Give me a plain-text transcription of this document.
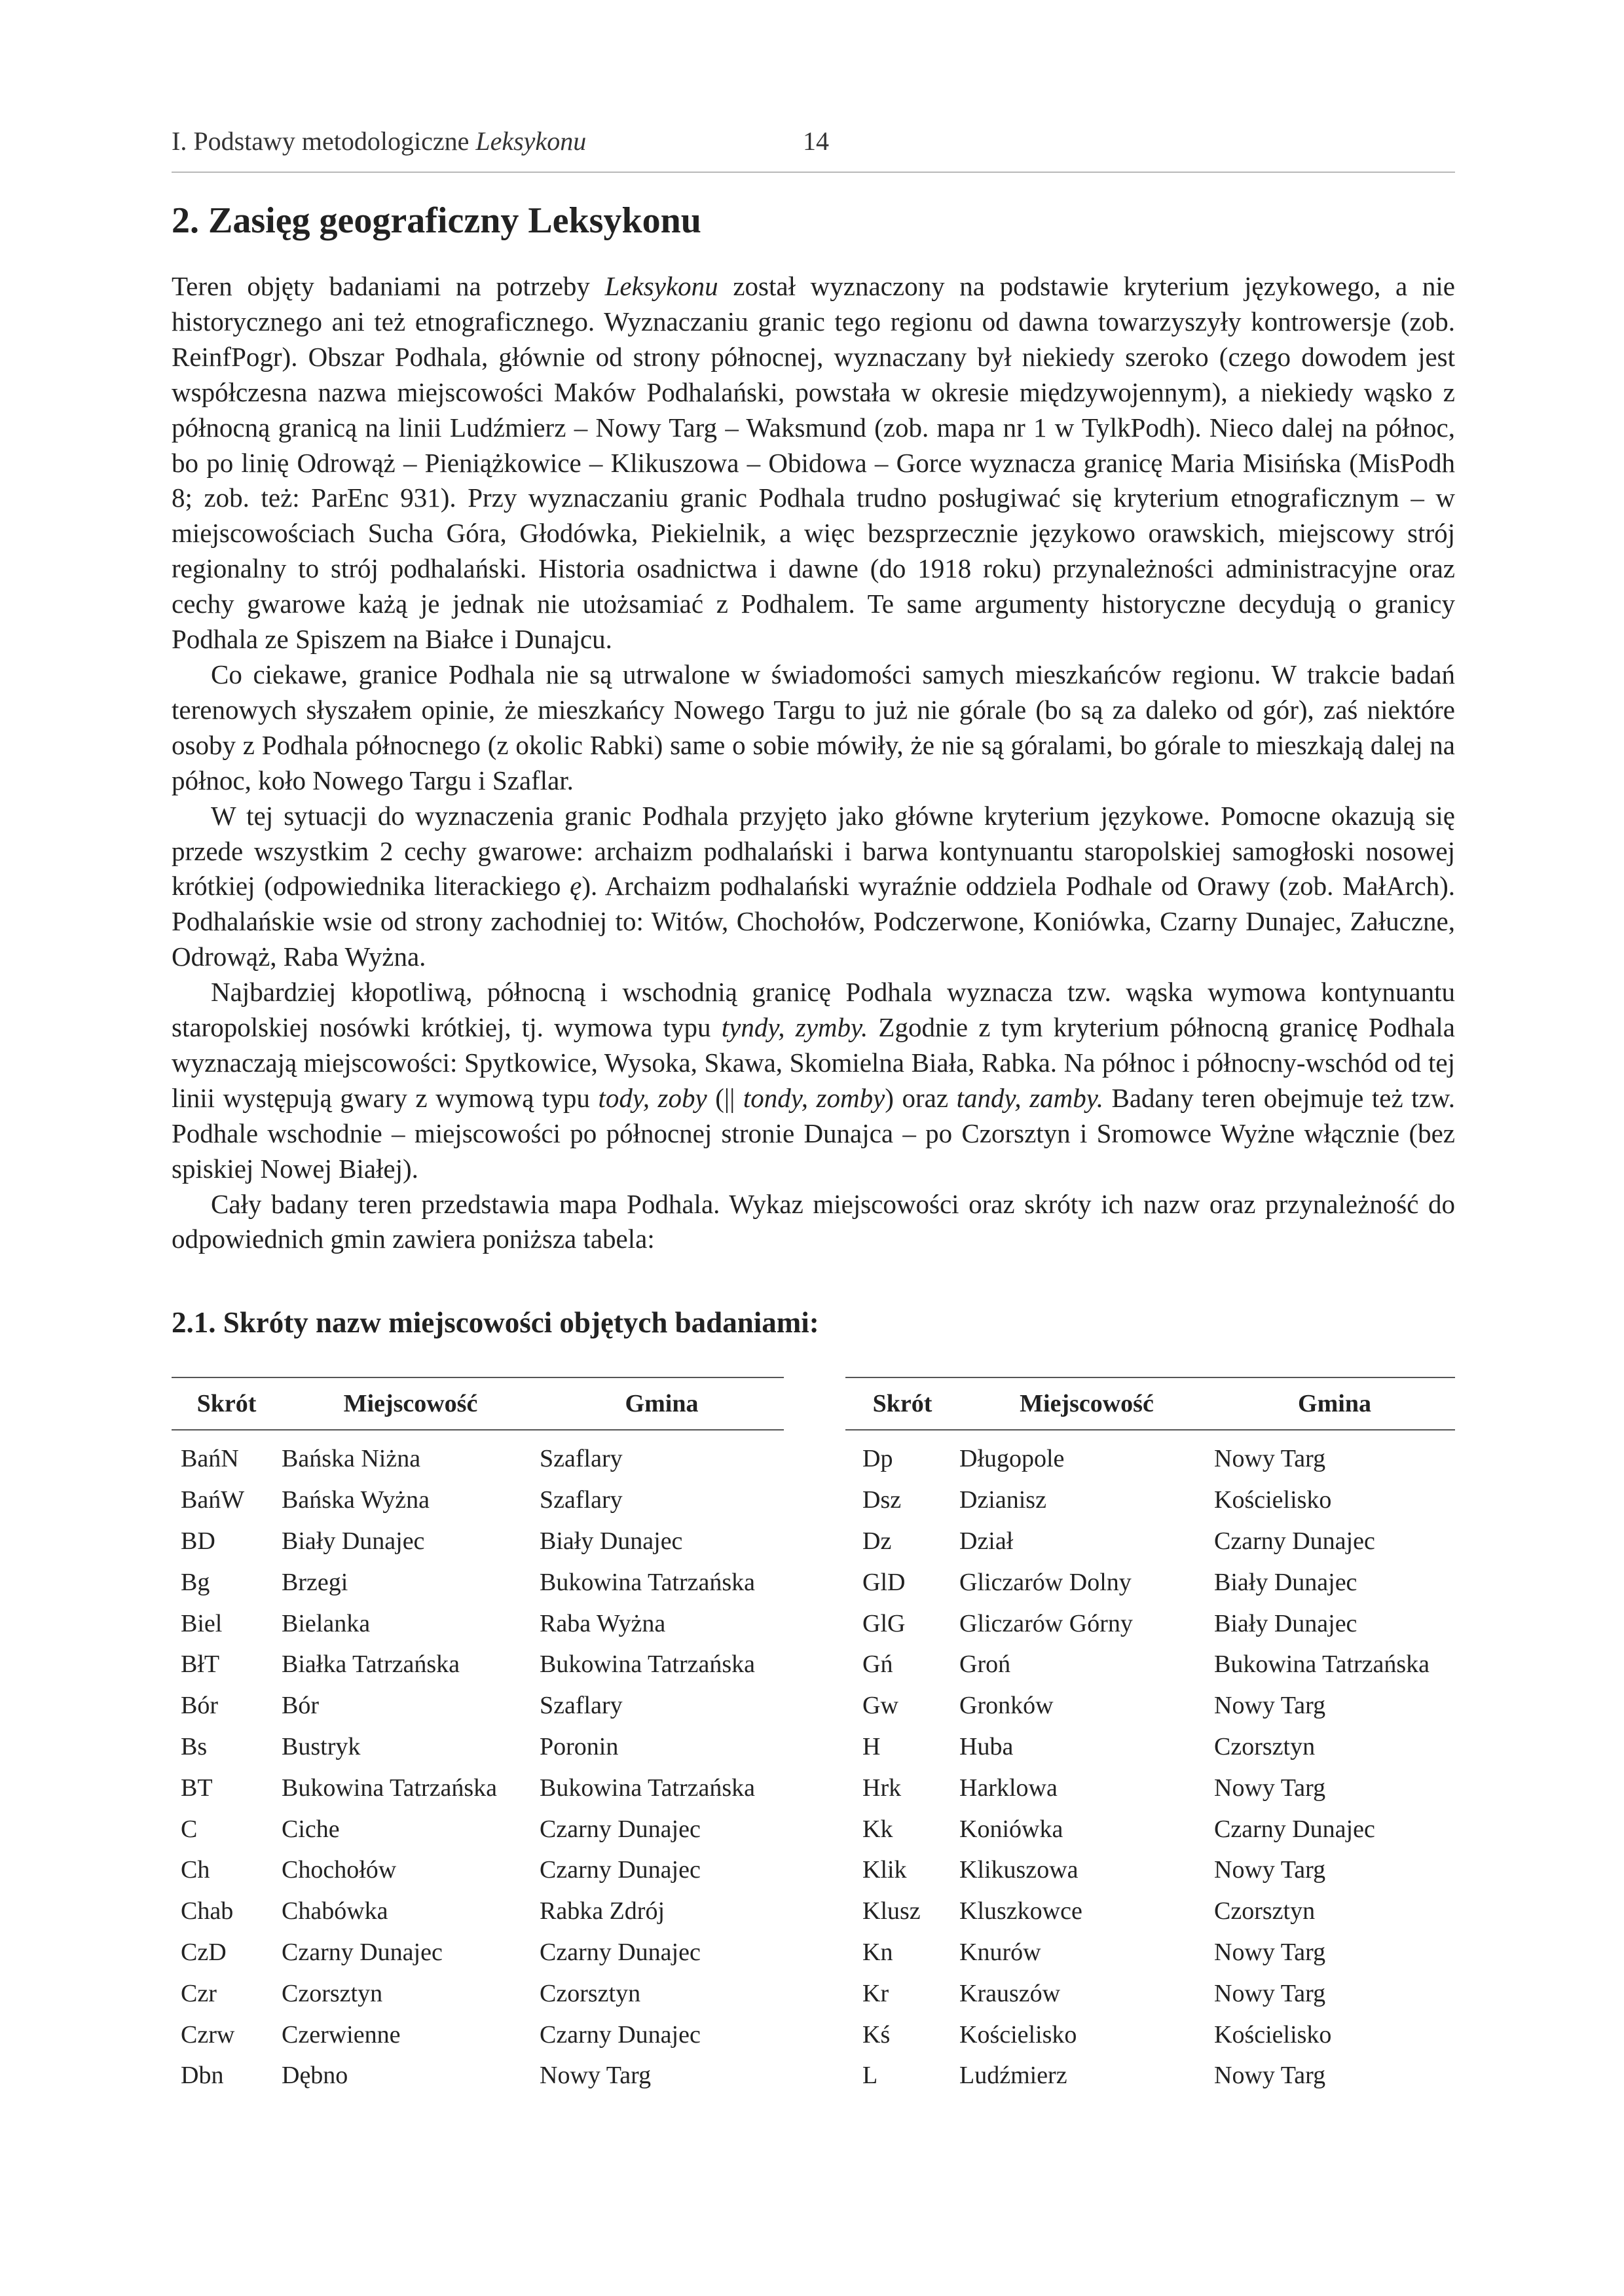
I. Podstawy metodologiczne Leksykonu	14
2. Zasięg geograficzny Leksykonu

Teren objęty badaniami na potrzeby Leksykonu został wyznaczony na podstawie kryterium językowego, a nie historycznego ani też etnograficznego. Wyznaczaniu granic tego regionu od dawna towarzyszyły kontrowersje (zob. ReinfPogr). Obszar Podhala, głównie od strony północnej, wyznaczany był niekiedy szeroko (czego dowodem jest współczesna nazwa miejscowości Maków Podhalański, powstała w okresie międzywojennym), a niekiedy wąsko z północną granicą na linii Ludźmierz – Nowy Targ – Waksmund (zob. mapa nr 1 w TylkPodh). Nieco dalej na północ, bo po linię Odrowąż – Pieniążkowice – Klikuszowa – Obidowa – Gorce wyznacza granicę Maria Misińska (MisPodh 8; zob. też: ParEnc 931). Przy wyznaczaniu granic Podhala trudno posługiwać się kryterium etnograficznym – w miejscowościach Sucha Góra, Głodówka, Piekielnik, a więc bezsprzecznie językowo orawskich, miejscowy strój regionalny to strój podhalański. Historia osadnictwa i dawne (do 1918 roku) przynależności administracyjne oraz cechy gwarowe każą je jednak nie utożsamiać z Podhalem. Te same argumenty historyczne decydują o granicy Podhala ze Spiszem na Białce i Dunajcu.

Co ciekawe, granice Podhala nie są utrwalone w świadomości samych mieszkańców regionu. W trakcie badań terenowych słyszałem opinie, że mieszkańcy Nowego Targu to już nie górale (bo są za daleko od gór), zaś niektóre osoby z Podhala północnego (z okolic Rabki) same o sobie mówiły, że nie są góralami, bo górale to mieszkają dalej na północ, koło Nowego Targu i Szaflar.

W tej sytuacji do wyznaczenia granic Podhala przyjęto jako główne kryterium językowe. Pomocne okazują się przede wszystkim 2 cechy gwarowe: archaizm podhalański i barwa kontynuantu staropolskiej samogłoski nosowej krótkiej (odpowiednika literackiego ę). Archaizm podhalański wyraźnie oddziela Podhale od Orawy (zob. MałArch). Podhalańskie wsie od strony zachodniej to: Witów, Chochołów, Podczerwone, Koniówka, Czarny Dunajec, Załuczne, Odrowąż, Raba Wyżna.

Najbardziej kłopotliwą, północną i wschodnią granicę Podhala wyznacza tzw. wąska wymowa kontynuantu staropolskiej nosówki krótkiej, tj. wymowa typu tyndy, zymby. Zgodnie z tym kryterium północną granicę Podhala wyznaczają miejscowości: Spytkowice, Wysoka, Skawa, Skomielna Biała, Rabka. Na północ i północny-wschód od tej linii występują gwary z wymową typu tody, zoby (|| tondy, zomby) oraz tandy, zamby. Badany teren obejmuje też tzw. Podhale wschodnie – miejscowości po północnej stronie Dunajca – po Czorsztyn i Sromowce Wyżne włącznie (bez spiskiej Nowej Białej).

Cały badany teren przedstawia mapa Podhala. Wykaz miejscowości oraz skróty ich nazw oraz przynależność do odpowiednich gmin zawiera poniższa tabela:

2.1. Skróty nazw miejscowości objętych badaniami:
Skrót	Miejscowość	Gmina

BańN	Bańska Niżna	Szaflary
BańW	Bańska Wyżna	Szaflary
BD	Biały Dunajec	Biały Dunajec
Bg	Brzegi	Bukowina Tatrzańska
Biel	Bielanka	Raba Wyżna
BłT	Białka Tatrzańska	Bukowina Tatrzańska
Bór	Bór	Szaflary
Bs	Bustryk	Poronin
BT	Bukowina Tatrzańska	Bukowina Tatrzańska
C	Ciche	Czarny Dunajec
Ch	Chochołów	Czarny Dunajec
Chab	Chabówka	Rabka Zdrój
CzD	Czarny Dunajec	Czarny Dunajec
Czr	Czorsztyn	Czorsztyn
Czrw	Czerwienne	Czarny Dunajec
Dbn	Dębno	Nowy Targ
Skrót	Miejscowość	Gmina

Dp	Długopole	Nowy Targ
Dsz	Dzianisz	Kościelisko
Dz	Dział	Czarny Dunajec
GlD	Gliczarów Dolny	Biały Dunajec
GlG	Gliczarów Górny	Biały Dunajec
Gń	Groń	Bukowina Tatrzańska
Gw	Gronków	Nowy Targ
H	Huba	Czorsztyn
Hrk	Harklowa	Nowy Targ
Kk	Koniówka	Czarny Dunajec
Klik	Klikuszowa	Nowy Targ
Klusz	Kluszkowce	Czorsztyn
Kn	Knurów	Nowy Targ
Kr	Krauszów	Nowy Targ
Kś	Kościelisko	Kościelisko
L	Ludźmierz	Nowy Targ
